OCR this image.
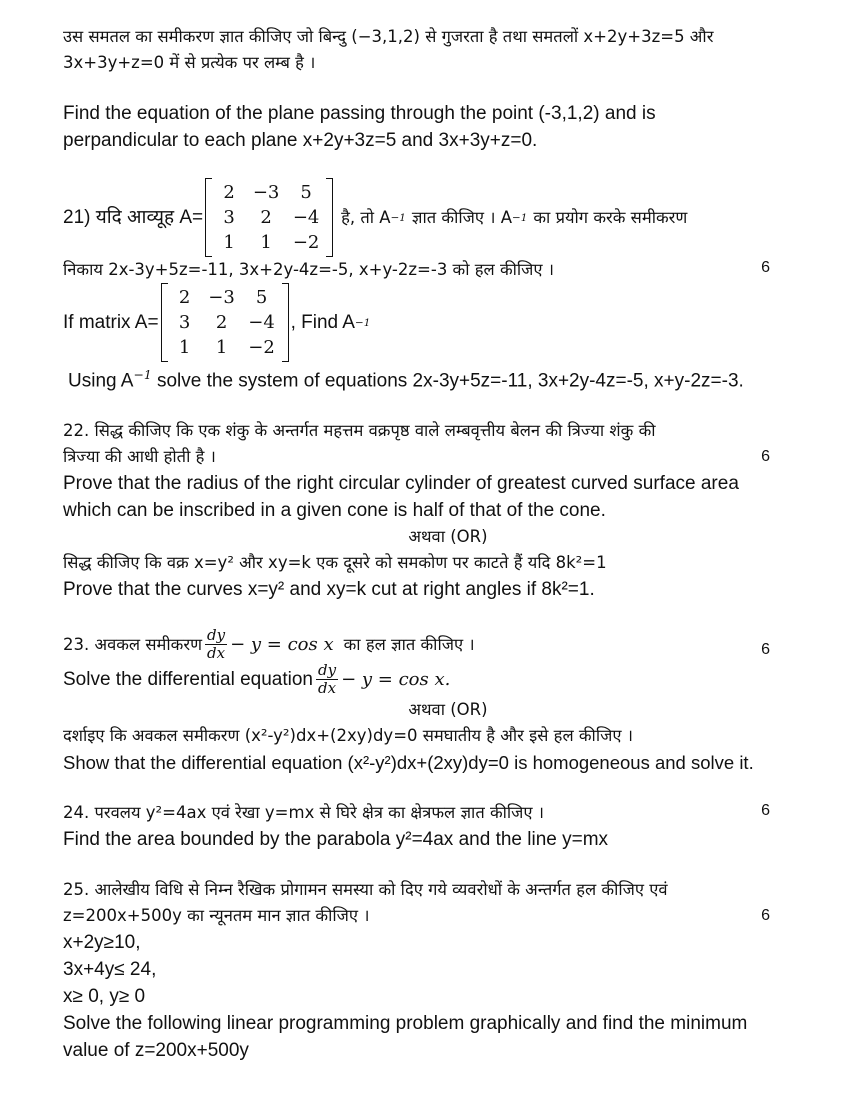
उस समतल का समीकरण ज्ञात कीजिए जो बिन्दु (−3,1,2) से गुजरता है तथा समतलों x+2y+3z=5 और

3x+3y+z=0 में से प्रत्येक पर लम्ब है ।

Find the equation of the plane passing through the point (-3,1,2) and is

perpandicular to each plane x+2y+3z=5 and 3x+3y+z=0.

21) यदि आव्यूह A=
2	−3	5
3	2	−4
1	1	−2
है, तो A −1 ज्ञात कीजिए । A −1 का प्रयोग करके समीकरण

निकाय 2x-3y+5z=-11, 3x+2y-4z=-5, x+y-2z=-3 को हल कीजिए ।	6
If matrix A=
2	−3	5
3	2	−4
1	1	−2
, Find A −1

Using $A^{-1}$ solve the system of equations 2x-3y+5z=-11, 3x+2y-4z=-5, x+y-2z=-3.

22. सिद्ध कीजिए कि एक शंकु के अन्तर्गत महत्तम वक्रपृष्ठ वाले लम्बवृत्तीय बेलन की त्रिज्या शंकु की

त्रिज्या की आधी होती है ।	6

Prove that the radius of the right circular cylinder of greatest curved surface area

which can be inscribed in a given cone is half of that of the cone.

अथवा (OR)

सिद्ध कीजिए कि वक्र x=y² और xy=k एक दूसरे को समकोण पर काटते हैं यदि 8k²=1

Prove that the curves x=y² and xy=k cut at right angles if 8k²=1.

23. अवकल समीकरण $\frac{dy}{dx} - y = \cos x$ का हल ज्ञात कीजिए ।	6
Solve the differential equation $\frac{dy}{dx} - y = \cos x$.

अथवा (OR)

दर्शाइए कि अवकल समीकरण (x²-y²)dx+(2xy)dy=0 समघातीय है और इसे हल कीजिए ।

Show that the differential equation (x²-y²)dx+(2xy)dy=0 is homogeneous and solve it.

24. परवलय y²=4ax एवं रेखा y=mx से घिरे क्षेत्र का क्षेत्रफल ज्ञात कीजिए ।	6

Find the area bounded by the parabola y²=4ax and the line y=mx

25. आलेखीय विधि से निम्न रैखिक प्रोगामन समस्या को दिए गये व्यवरोधों के अन्तर्गत हल कीजिए एवं

z=200x+500y का न्यूनतम मान ज्ञात कीजिए ।	6

x+2y≥10,

3x+4y≤ 24,

x≥ 0, y≥ 0

Solve the following linear programming problem graphically and find the minimum

value of z=200x+500y
